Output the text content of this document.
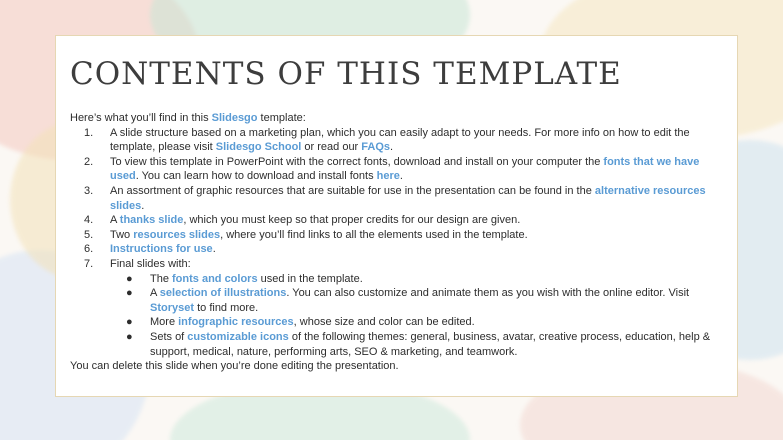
CONTENTS OF THIS TEMPLATE

Here’s what you’ll find in this Slidesgo template:

1. A slide structure based on a marketing plan, which you can easily adapt to your needs. For more info on how to edit the template, please visit Slidesgo School or read our FAQs.
2. To view this template in PowerPoint with the correct fonts, download and install on your computer the fonts that we have used. You can learn how to download and install fonts here.
3. An assortment of graphic resources that are suitable for use in the presentation can be found in the alternative resources slides.
4. A thanks slide, which you must keep so that proper credits for our design are given.
5. Two resources slides, where you’ll find links to all the elements used in the template.
6. Instructions for use.
7. Final slides with:
● The fonts and colors used in the template.
● A selection of illustrations. You can also customize and animate them as you wish with the online editor. Visit Storyset to find more.
● More infographic resources, whose size and color can be edited.
● Sets of customizable icons of the following themes: general, business, avatar, creative process, education, help & support, medical, nature, performing arts, SEO & marketing, and teamwork.

You can delete this slide when you’re done editing the presentation.
